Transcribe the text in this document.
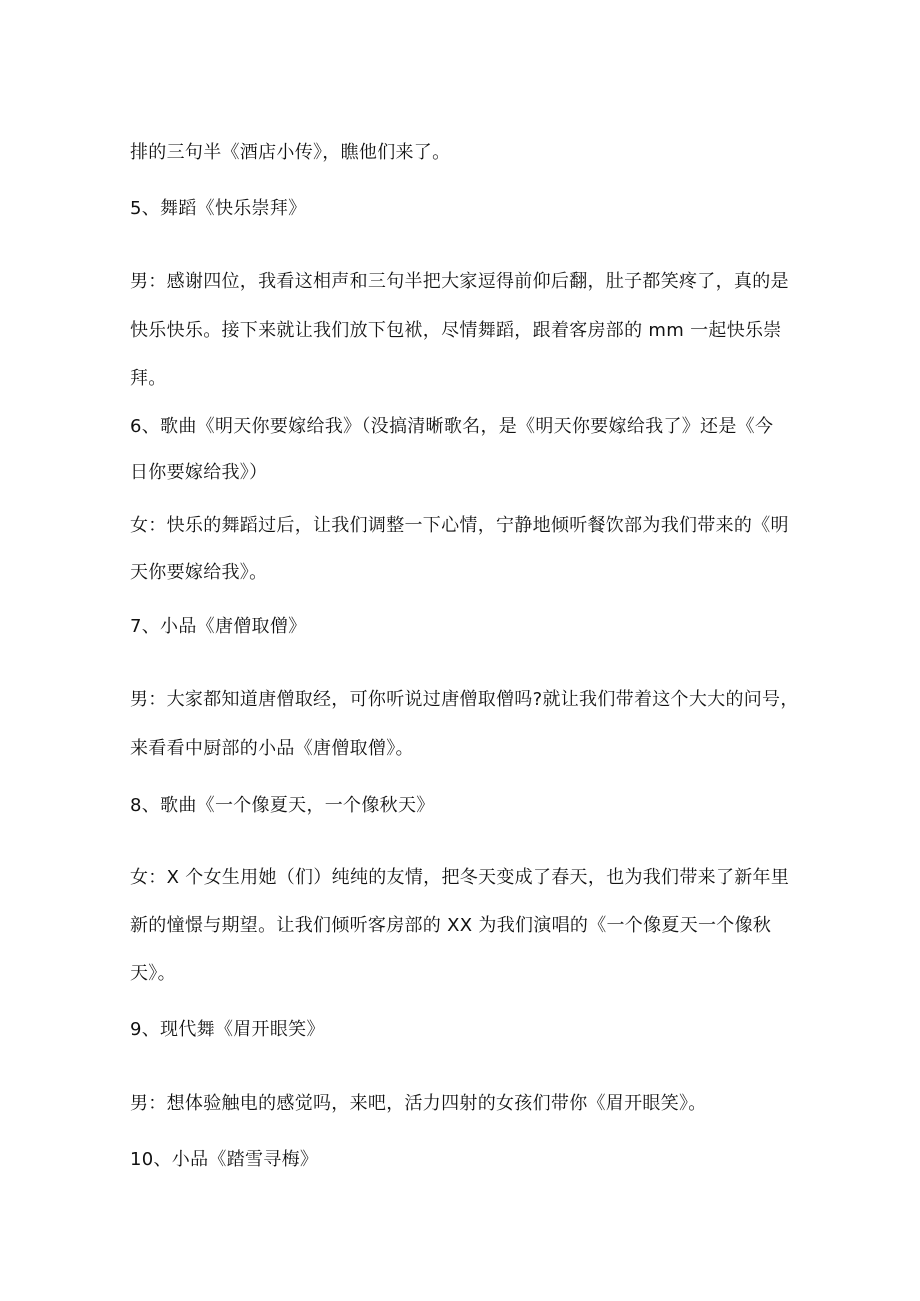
排的三句半《酒店小传》，瞧他们来了。

5、舞蹈《快乐崇拜》

男：感谢四位，我看这相声和三句半把大家逗得前仰后翻，肚子都笑疼了，真的是

快乐快乐。接下来就让我们放下包袱，尽情舞蹈，跟着客房部的 mm 一起快乐崇

拜。

6、歌曲《明天你要嫁给我》（没搞清晰歌名，是《明天你要嫁给我了》还是《今

日你要嫁给我》）

女：快乐的舞蹈过后，让我们调整一下心情，宁静地倾听餐饮部为我们带来的《明

天你要嫁给我》。

7、小品《唐僧取僧》

男：大家都知道唐僧取经，可你听说过唐僧取僧吗?就让我们带着这个大大的问号，

来看看中厨部的小品《唐僧取僧》。

8、歌曲《一个像夏天，一个像秋天》

女：X 个女生用她（们）纯纯的友情，把冬天变成了春天，也为我们带来了新年里

新的憧憬与期望。让我们倾听客房部的 XX 为我们演唱的《一个像夏天一个像秋

天》。

9、现代舞《眉开眼笑》

男：想体验触电的感觉吗，来吧，活力四射的女孩们带你《眉开眼笑》。

10、小品《踏雪寻梅》
